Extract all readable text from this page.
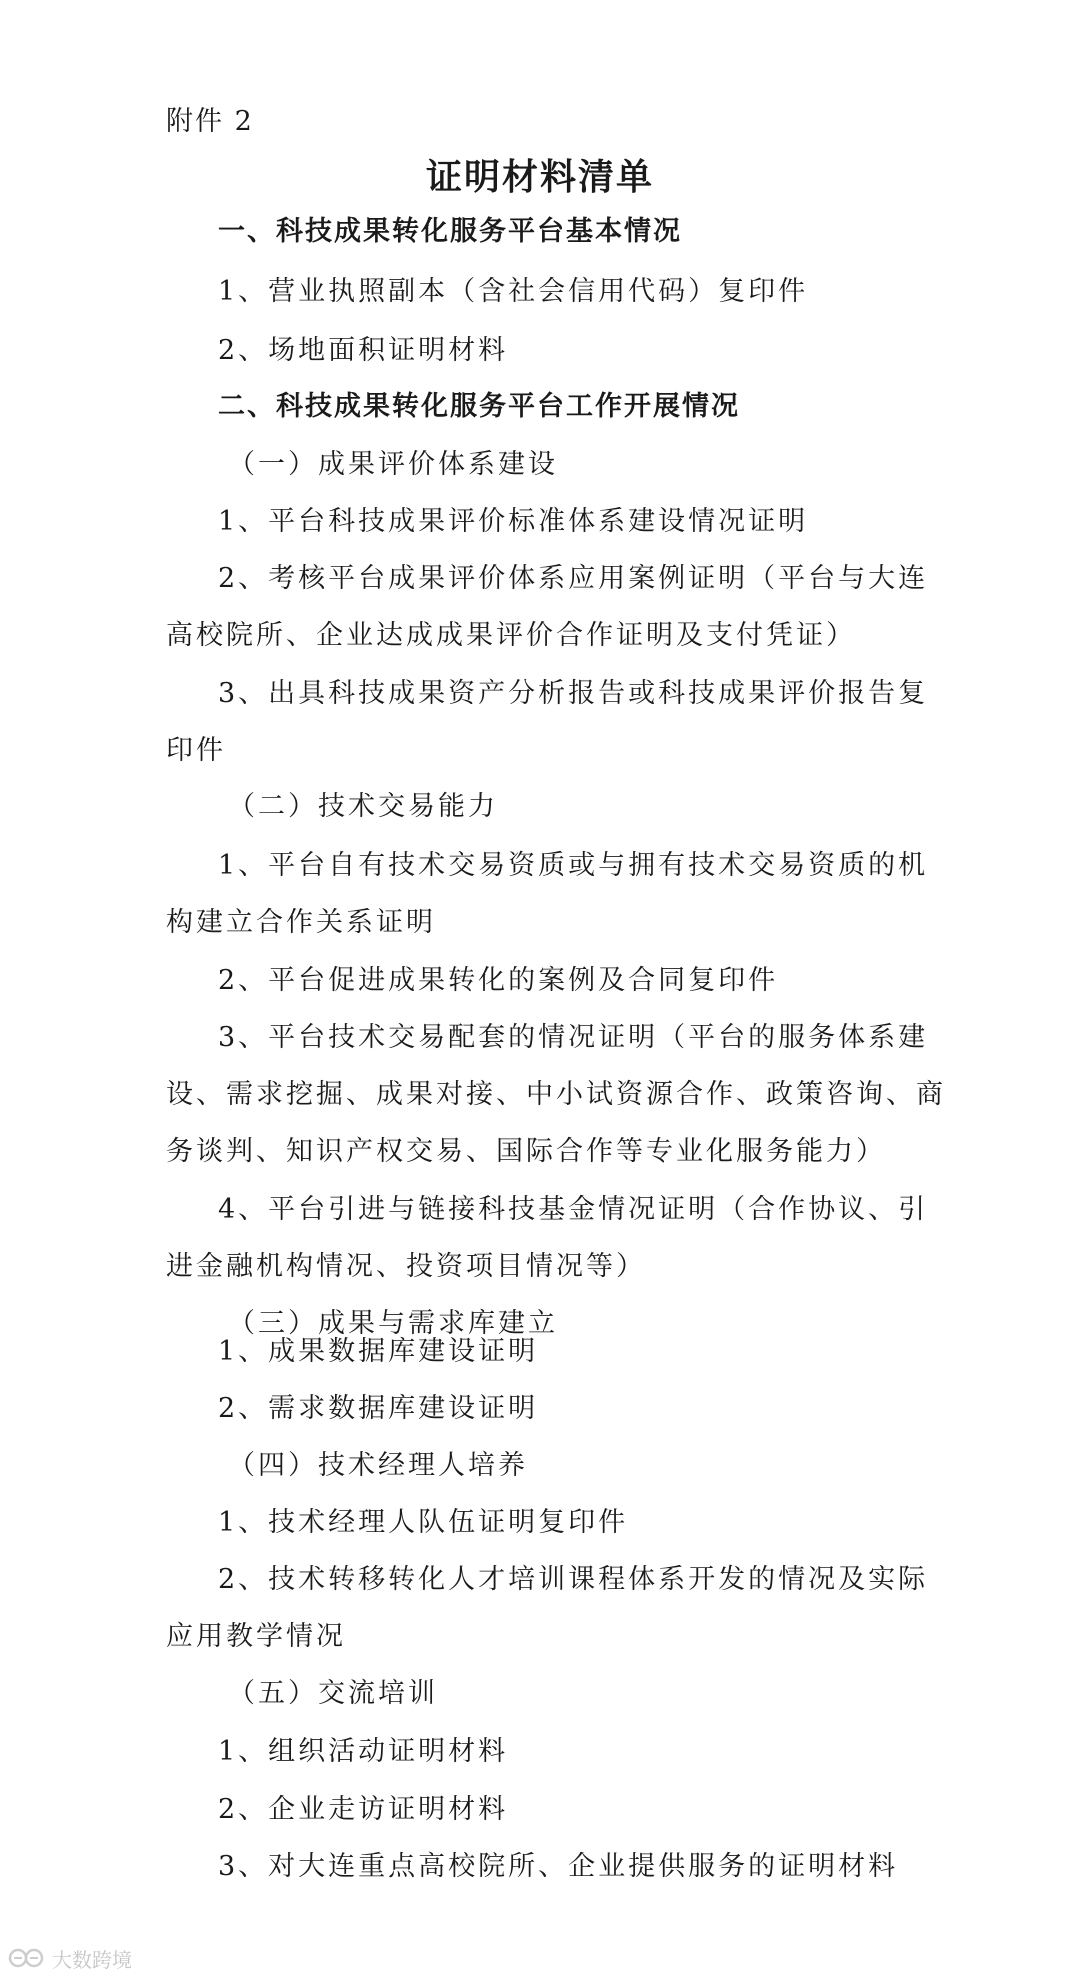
附件 2
证明材料清单
一、科技成果转化服务平台基本情况
1、营业执照副本（含社会信用代码）复印件
2、场地面积证明材料
二、科技成果转化服务平台工作开展情况
（一）成果评价体系建设
1、平台科技成果评价标准体系建设情况证明
2、考核平台成果评价体系应用案例证明（平台与大连
高校院所、企业达成成果评价合作证明及支付凭证）
3、出具科技成果资产分析报告或科技成果评价报告复
印件
（二）技术交易能力
1、平台自有技术交易资质或与拥有技术交易资质的机
构建立合作关系证明
2、平台促进成果转化的案例及合同复印件
3、平台技术交易配套的情况证明（平台的服务体系建
设、需求挖掘、成果对接、中小试资源合作、政策咨询、商
务谈判、知识产权交易、国际合作等专业化服务能力）
4、平台引进与链接科技基金情况证明（合作协议、引
进金融机构情况、投资项目情况等）
（三）成果与需求库建立
1、成果数据库建设证明
2、需求数据库建设证明
（四）技术经理人培养
1、技术经理人队伍证明复印件
2、技术转移转化人才培训课程体系开发的情况及实际
应用教学情况
（五）交流培训
1、组织活动证明材料
2、企业走访证明材料
3、对大连重点高校院所、企业提供服务的证明材料
大数跨境
